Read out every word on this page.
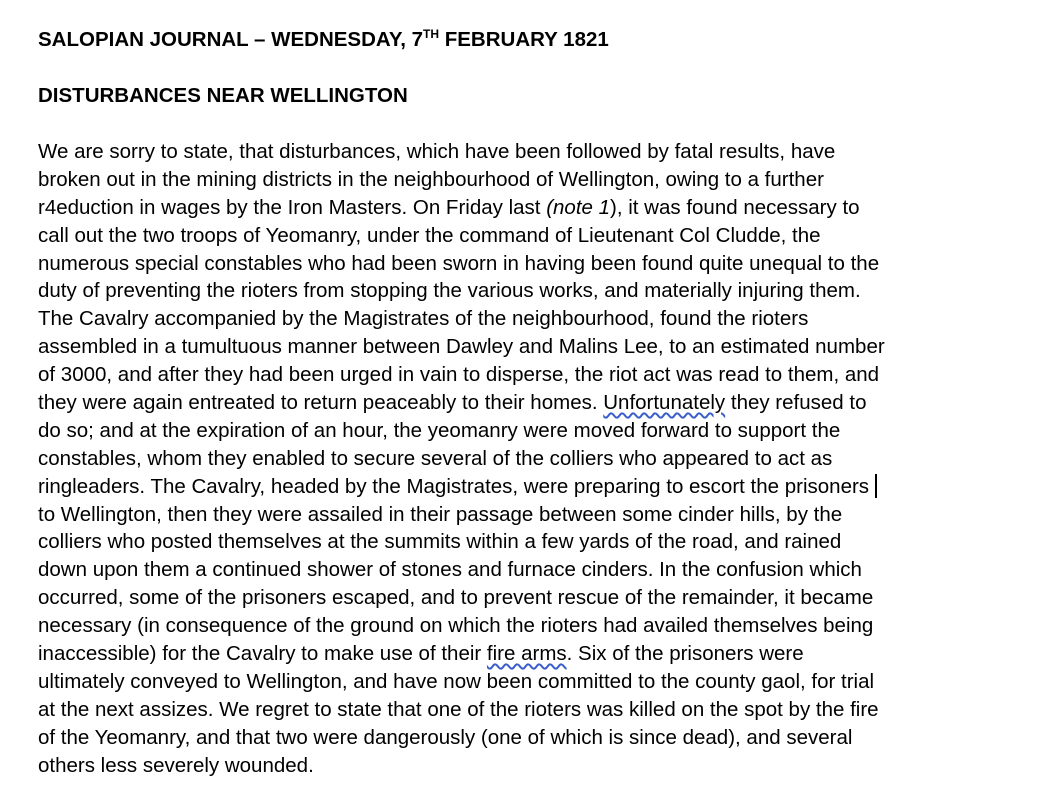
SALOPIAN JOURNAL – WEDNESDAY, 7TH FEBRUARY 1821

DISTURBANCES NEAR WELLINGTON

We are sorry to state, that disturbances, which have been followed by fatal results, have
broken out in the mining districts in the neighbourhood of Wellington, owing to a further
r4eduction in wages by the Iron Masters. On Friday last (note 1), it was found necessary to
call out the two troops of Yeomanry, under the command of Lieutenant Col Cludde, the
numerous special constables who had been sworn in having been found quite unequal to the
duty of preventing the rioters from stopping the various works, and materially injuring them.
The Cavalry accompanied by the Magistrates of the neighbourhood, found the rioters
assembled in a tumultuous manner between Dawley and Malins Lee, to an estimated number
of 3000, and after they had been urged in vain to disperse, the riot act was read to them, and
they were again entreated to return peaceably to their homes. Unfortunately they refused to
do so; and at the expiration of an hour, the yeomanry were moved forward to support the
constables, whom they enabled to secure several of the colliers who appeared to act as
ringleaders. The Cavalry, headed by the Magistrates, were preparing to escort the prisoners
to Wellington, then they were assailed in their passage between some cinder hills, by the
colliers who posted themselves at the summits within a few yards of the road, and rained
down upon them a continued shower of stones and furnace cinders. In the confusion which
occurred, some of the prisoners escaped, and to prevent rescue of the remainder, it became
necessary (in consequence of the ground on which the rioters had availed themselves being
inaccessible) for the Cavalry to make use of their fire arms. Six of the prisoners were
ultimately conveyed to Wellington, and have now been committed to the county gaol, for trial
at the next assizes. We regret to state that one of the rioters was killed on the spot by the fire
of the Yeomanry, and that two were dangerously (one of which is since dead), and several
others less severely wounded.
